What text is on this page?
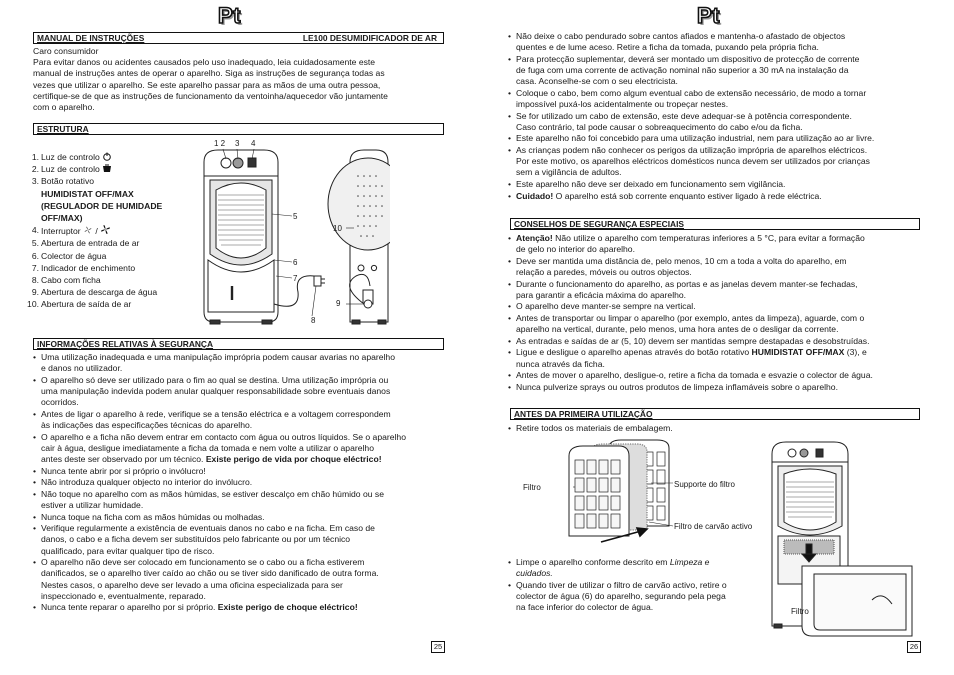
Pt
MANUAL DE INSTRUÇÕES	LE100 DESUMIDIFICADOR DE AR
Caro consumidor
Para evitar danos ou acidentes causados pelo uso inadequado, leia cuidadosamente este
manual de instruções antes de operar o aparelho. Siga as instruções de segurança todas as
vezes que utilizar o aparelho. Se este aparelho passar para as mãos de uma outra pessoa,
certifique-se de que as instruções de funcionamento da ventoinha/aquecedor vão juntamente
com o aparelho.
ESTRUTURA
1. Luz de controlo
2. Luz de controlo
3. Botão rotativo
HUMIDISTAT OFF/MAX
(REGULADOR DE HUMIDADE
OFF/MAX)
4. Interruptor  /
5. Abertura de entrada de ar
6. Colector de água
7. Indicador de enchimento
8. Cabo com ficha
9. Abertura de descarga de água
10. Abertura de saída de ar
1 2 3 4
5
6
7
8
9
10
INFORMAÇÕES RELATIVAS À SEGURANÇA
• Uma utilização inadequada e uma manipulação imprópria podem causar avarias no aparelho
e danos no utilizador.
• O aparelho só deve ser utilizado para o fim ao qual se destina. Uma utilização imprópria ou
uma manipulação indevida podem anular qualquer responsabilidade sobre eventuais danos
ocorridos.
• Antes de ligar o aparelho à rede, verifique se a tensão eléctrica e a voltagem correspondem
às indicações das especificações técnicas do aparelho.
• O aparelho e a ficha não devem entrar em contacto com água ou outros líquidos. Se o aparelho
cair à água, desligue imediatamente a ficha da tomada e nem volte a utilizar o aparelho
antes deste ser observado por um técnico. Existe perigo de vida por choque eléctrico!
• Nunca tente abrir por si próprio o invólucro!
• Não introduza qualquer objecto no interior do invólucro.
• Não toque no aparelho com as mãos húmidas, se estiver descalço em chão húmido ou se
estiver a utilizar humidade.
• Nunca toque na ficha com as mãos húmidas ou molhadas.
• Verifique regularmente a existência de eventuais danos no cabo e na ficha. Em caso de
danos, o cabo e a ficha devem ser substituídos pelo fabricante ou por um técnico
qualificado, para evitar qualquer tipo de risco.
• O aparelho não deve ser colocado em funcionamento se o cabo ou a ficha estiverem
danificados, se o aparelho tiver caído ao chão ou se tiver sido danificado de outra forma.
Nestes casos, o aparelho deve ser levado a uma oficina especializada para ser
inspeccionado e, eventualmente, reparado.
• Nunca tente reparar o aparelho por si próprio. Existe perigo de choque eléctrico!
25
Pt
• Não deixe o cabo pendurado sobre cantos afiados e mantenha-o afastado de objectos
quentes e de lume aceso. Retire a ficha da tomada, puxando pela própria ficha.
• Para protecção suplementar, deverá ser montado um dispositivo de protecção de corrente
de fuga com uma corrente de activação nominal não superior a 30 mA na instalação da
casa. Aconselhe-se com o seu electricista.
• Coloque o cabo, bem como algum eventual cabo de extensão necessário, de modo a tornar
impossível puxá-los acidentalmente ou tropeçar nestes.
• Se for utilizado um cabo de extensão, este deve adequar-se à potência correspondente.
Caso contrário, tal pode causar o sobreaquecimento do cabo e/ou da ficha.
• Este aparelho não foi concebido para uma utilização industrial, nem para utilização ao ar livre.
• As crianças podem não conhecer os perigos da utilização imprópria de aparelhos eléctricos.
Por este motivo, os aparelhos eléctricos domésticos nunca devem ser utilizados por crianças
sem a vigilância de adultos.
• Este aparelho não deve ser deixado em funcionamento sem vigilância.
• Cuidado! O aparelho está sob corrente enquanto estiver ligado à rede eléctrica.
CONSELHOS DE SEGURANÇA ESPECIAIS
• Atenção! Não utilize o aparelho com temperaturas inferiores a 5 °C, para evitar a formação
de gelo no interior do aparelho.
• Deve ser mantida uma distância de, pelo menos, 10 cm a toda a volta do aparelho, em
relação a paredes, móveis ou outros objectos.
• Durante o funcionamento do aparelho, as portas e as janelas devem manter-se fechadas,
para garantir a eficácia máxima do aparelho.
• O aparelho deve manter-se sempre na vertical.
• Antes de transportar ou limpar o aparelho (por exemplo, antes da limpeza), aguarde, com o
aparelho na vertical, durante, pelo menos, uma hora antes de o desligar da corrente.
• As entradas e saídas de ar (5, 10) devem ser mantidas sempre destapadas e desobstruídas.
• Ligue e desligue o aparelho apenas através do botão rotativo HUMIDISTAT OFF/MAX (3), e
nunca através da ficha.
• Antes de mover o aparelho, desligue-o, retire a ficha da tomada e esvazie o colector de água.
• Nunca pulverize sprays ou outros produtos de limpeza inflamáveis sobre o aparelho.
ANTES DA PRIMEIRA UTILIZAÇÃO
• Retire todos os materiais de embalagem.
Filtro	Supporte do filtro
Filtro de carvão activo
• Limpe o aparelho conforme descrito em Limpeza e
cuidados.
• Quando tiver de utilizar o filtro de carvão activo, retire o
colector de água (6) do aparelho, segurando pela pega
na face inferior do colector de água.	Filtro
26
